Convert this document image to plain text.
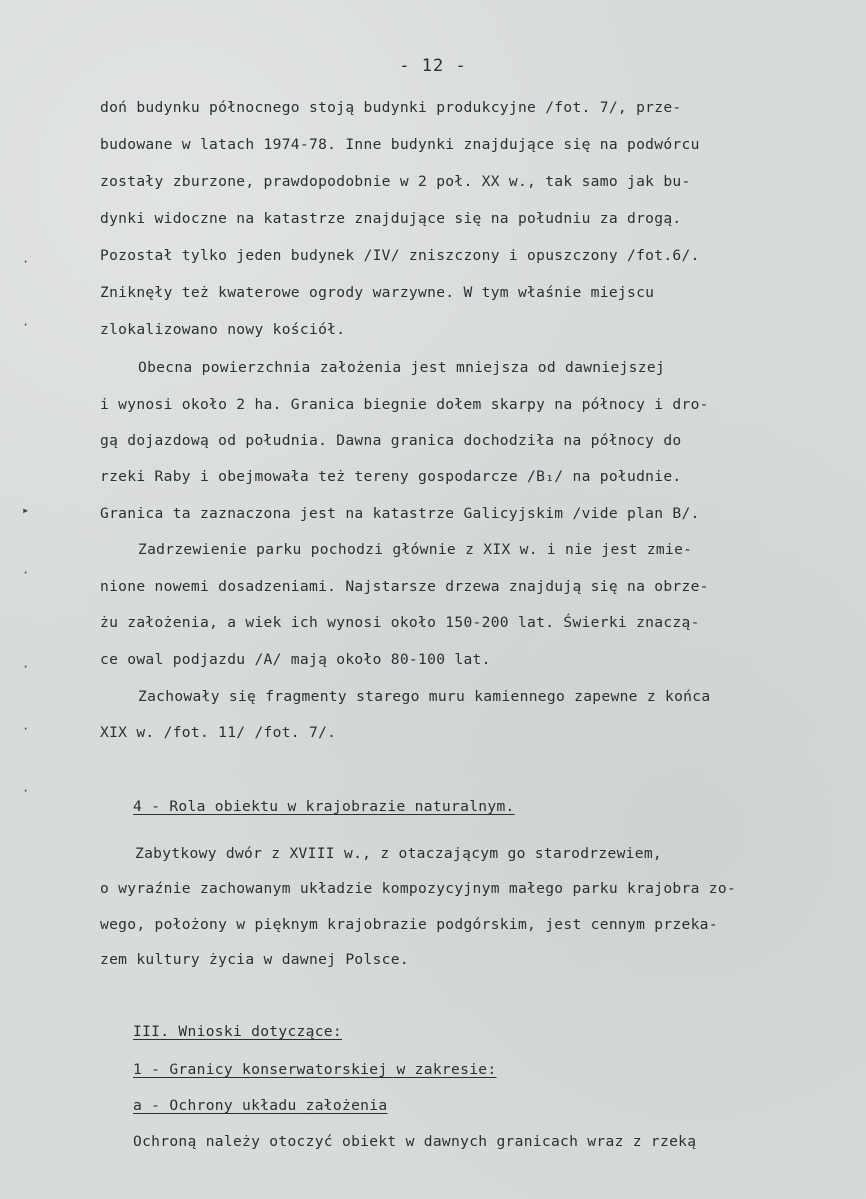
- 12 -
doń budynku północnego stoją budynki produkcyjne /fot. 7/, prze-
budowane w latach 1974-78. Inne budynki znajdujące się na podwórcu
zostały zburzone, prawdopodobnie w 2 poł. XX w., tak samo jak bu-
dynki widoczne na katastrze znajdujące się na południu za drogą.
Pozostał tylko jeden budynek /IV/ zniszczony i opuszczony /fot.6/.
Zniknęły też kwaterowe ogrody warzywne. W tym właśnie miejscu
zlokalizowano nowy kościół.
Obecna powierzchnia założenia jest mniejsza od dawniejszej
i wynosi około 2 ha. Granica biegnie dołem skarpy na północy i dro-
gą dojazdową od południa. Dawna granica dochodziła na północy do
rzeki Raby i obejmowała też tereny gospodarcze /B₁/ na południe.
Granica ta zaznaczona jest na katastrze Galicyjskim /vide plan B/.
Zadrzewienie parku pochodzi głównie z XIX w. i nie jest zmie-
nione nowemi dosadzeniami. Najstarsze drzewa znajdują się na obrze-
żu założenia, a wiek ich wynosi około 150-200 lat. Świerki znaczą-
ce owal podjazdu /A/ mają około 80-100 lat.
Zachowały się fragmenty starego muru kamiennego zapewne z końca
XIX w. /fot. 11/ /fot. 7/.
4 - Rola obiektu w krajobrazie naturalnym.
Zabytkowy dwór z XVIII w., z otaczającym go starodrzewiem,
o wyraźnie zachowanym układzie kompozycyjnym małego parku krajobra zo-
wego, położony w pięknym krajobrazie podgórskim, jest cennym przeka-
zem kultury życia w dawnej Polsce.
III. Wnioski dotyczące:
1 - Granicy konserwatorskiej w zakresie:
a - Ochrony układu założenia
Ochroną należy otoczyć obiekt w dawnych granicach wraz z rzeką
·
·
▸
·
·
·
·
